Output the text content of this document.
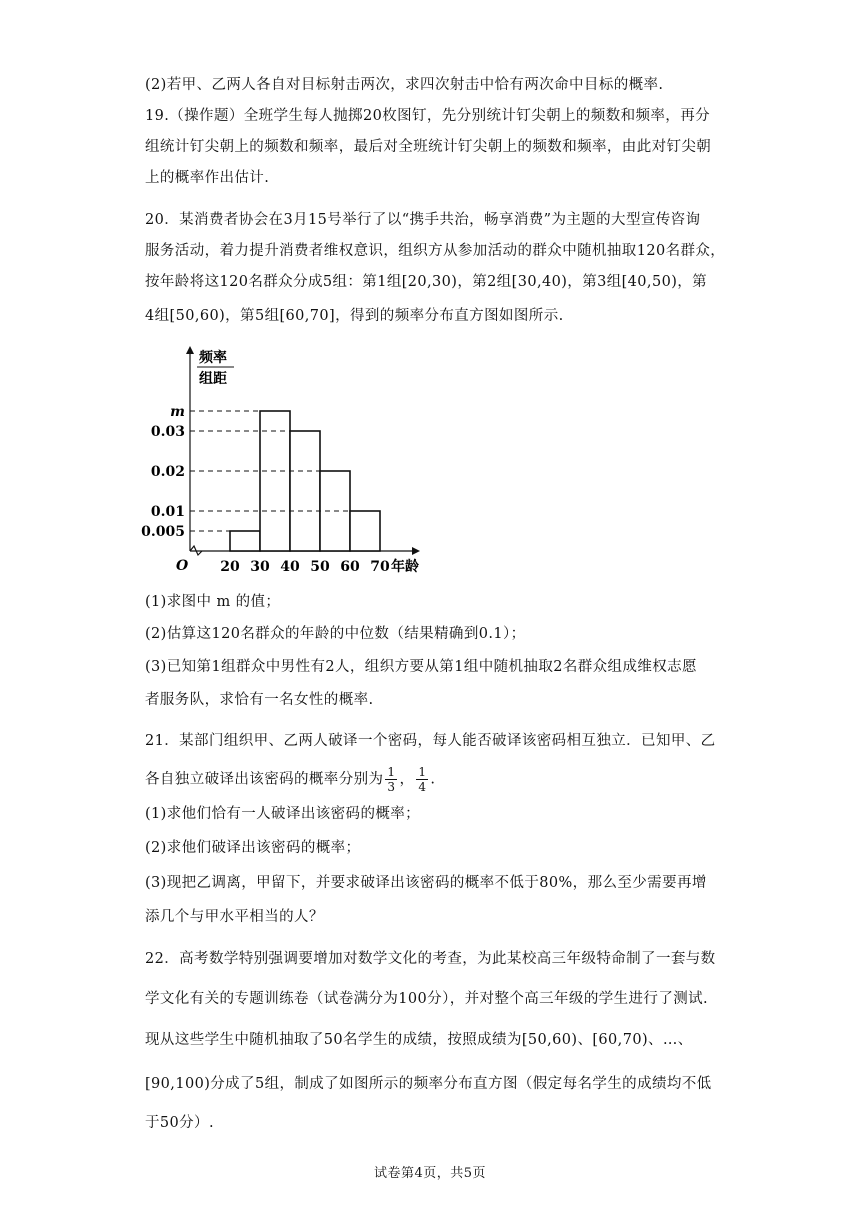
(2)若甲、乙两人各自对目标射击两次，求四次射击中恰有两次命中目标的概率.
19.（操作题）全班学生每人抛掷20枚图钉，先分别统计钉尖朝上的频数和频率，再分
组统计钉尖朝上的频数和频率，最后对全班统计钉尖朝上的频数和频率，由此对钉尖朝
上的概率作出估计.
20．某消费者协会在3月15号举行了以“携手共治，畅享消费”为主题的大型宣传咨询
服务活动，着力提升消费者维权意识，组织方从参加活动的群众中随机抽取120名群众，
按年龄将这120名群众分成5组：第1组[20,30)，第2组[30,40)，第3组[40,50)，第
4组[50,60)，第5组[60,70]，得到的频率分布直方图如图所示.
频率
组距
0.005
0.01
0.02
0.03
m
O 20 30 40 50 60 70 年龄
(1)求图中 m 的值；
(2)估算这120名群众的年龄的中位数（结果精确到0.1）；
(3)已知第1组群众中男性有2人，组织方要从第1组中随机抽取2名群众组成维权志愿
者服务队，求恰有一名女性的概率.
21．某部门组织甲、乙两人破译一个密码，每人能否破译该密码相互独立．已知甲、乙
各自独立破译出该密码的概率分别为 $\frac{1}{3}$ ， $\frac{1}{4}$ .
(1)求他们恰有一人破译出该密码的概率；
(2)求他们破译出该密码的概率；
(3)现把乙调离，甲留下，并要求破译出该密码的概率不低于80%，那么至少需要再增
添几个与甲水平相当的人？
22．高考数学特别强调要增加对数学文化的考查，为此某校高三年级特命制了一套与数
学文化有关的专题训练卷（试卷满分为100分），并对整个高三年级的学生进行了测试.
现从这些学生中随机抽取了50名学生的成绩，按照成绩为[50,60)、[60,70)、…、
[90,100)分成了5组，制成了如图所示的频率分布直方图（假定每名学生的成绩均不低
于50分）.
试卷第4页，共5页
